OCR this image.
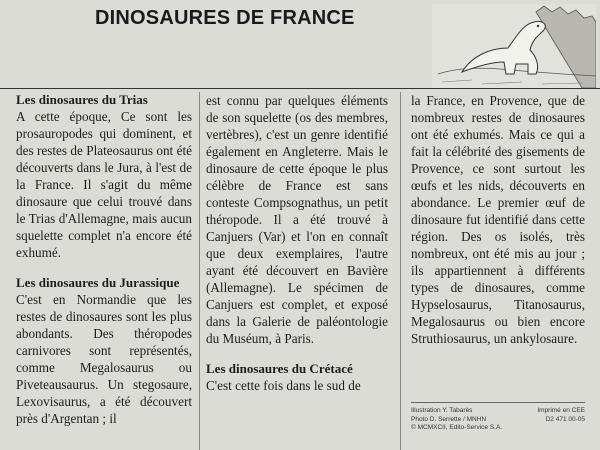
DINOSAURES DE FRANCE
Les dinosaures du Trias

A cette époque, Ce sont les prosauropodes qui dominent, et des restes de Plateosaurus ont été découverts dans le Jura, à l'est de la France. Il s'agit du même dinosaure que celui trouvé dans le Trias d'Allemagne, mais aucun squelette complet n'a encore été exhumé.

Les dinosaures du Jurassique

C'est en Normandie que les restes de dinosaures sont les plus abondants. Des théropodes carnivores sont représentés, comme Megalosaurus ou Piveteausaurus. Un stegosaure, Lexovisaurus, a été découvert près d'Argentan ; il

est connu par quelques éléments de son squelette (os des membres, vertèbres), c'est un genre identifié également en Angleterre. Mais le dinosaure de cette époque le plus célèbre de France est sans conteste Compsognathus, un petit théropode. Il a été trouvé à Canjuers (Var) et l'on en connaît que deux exemplaires, l'autre ayant été découvert en Bavière (Allemagne). Le spécimen de Canjuers est complet, et exposé dans la Galerie de paléontologie du Muséum, à Paris.

Les dinosaures du Crétacé

C'est cette fois dans le sud de

la France, en Provence, que de nombreux restes de dinosaures ont été exhumés. Mais ce qui a fait la célébrité des gisements de Provence, ce sont surtout les œufs et les nids, découverts en abondance. Le premier œuf de dinosaure fut identifié dans cette région. Des os isolés, très nombreux, ont été mis au jour ; ils appartiennent à différents types de dinosaures, comme Hypselosaurus, Titanosaurus, Megalosaurus ou bien encore Struthiosaurus, un ankylosaure.

Illustration Y. Tabarès
Photo D. Serrette / MNHN
© MCMXCII, Edito-Service S.A.
Imprimé en CEE
D2 471 00-05
